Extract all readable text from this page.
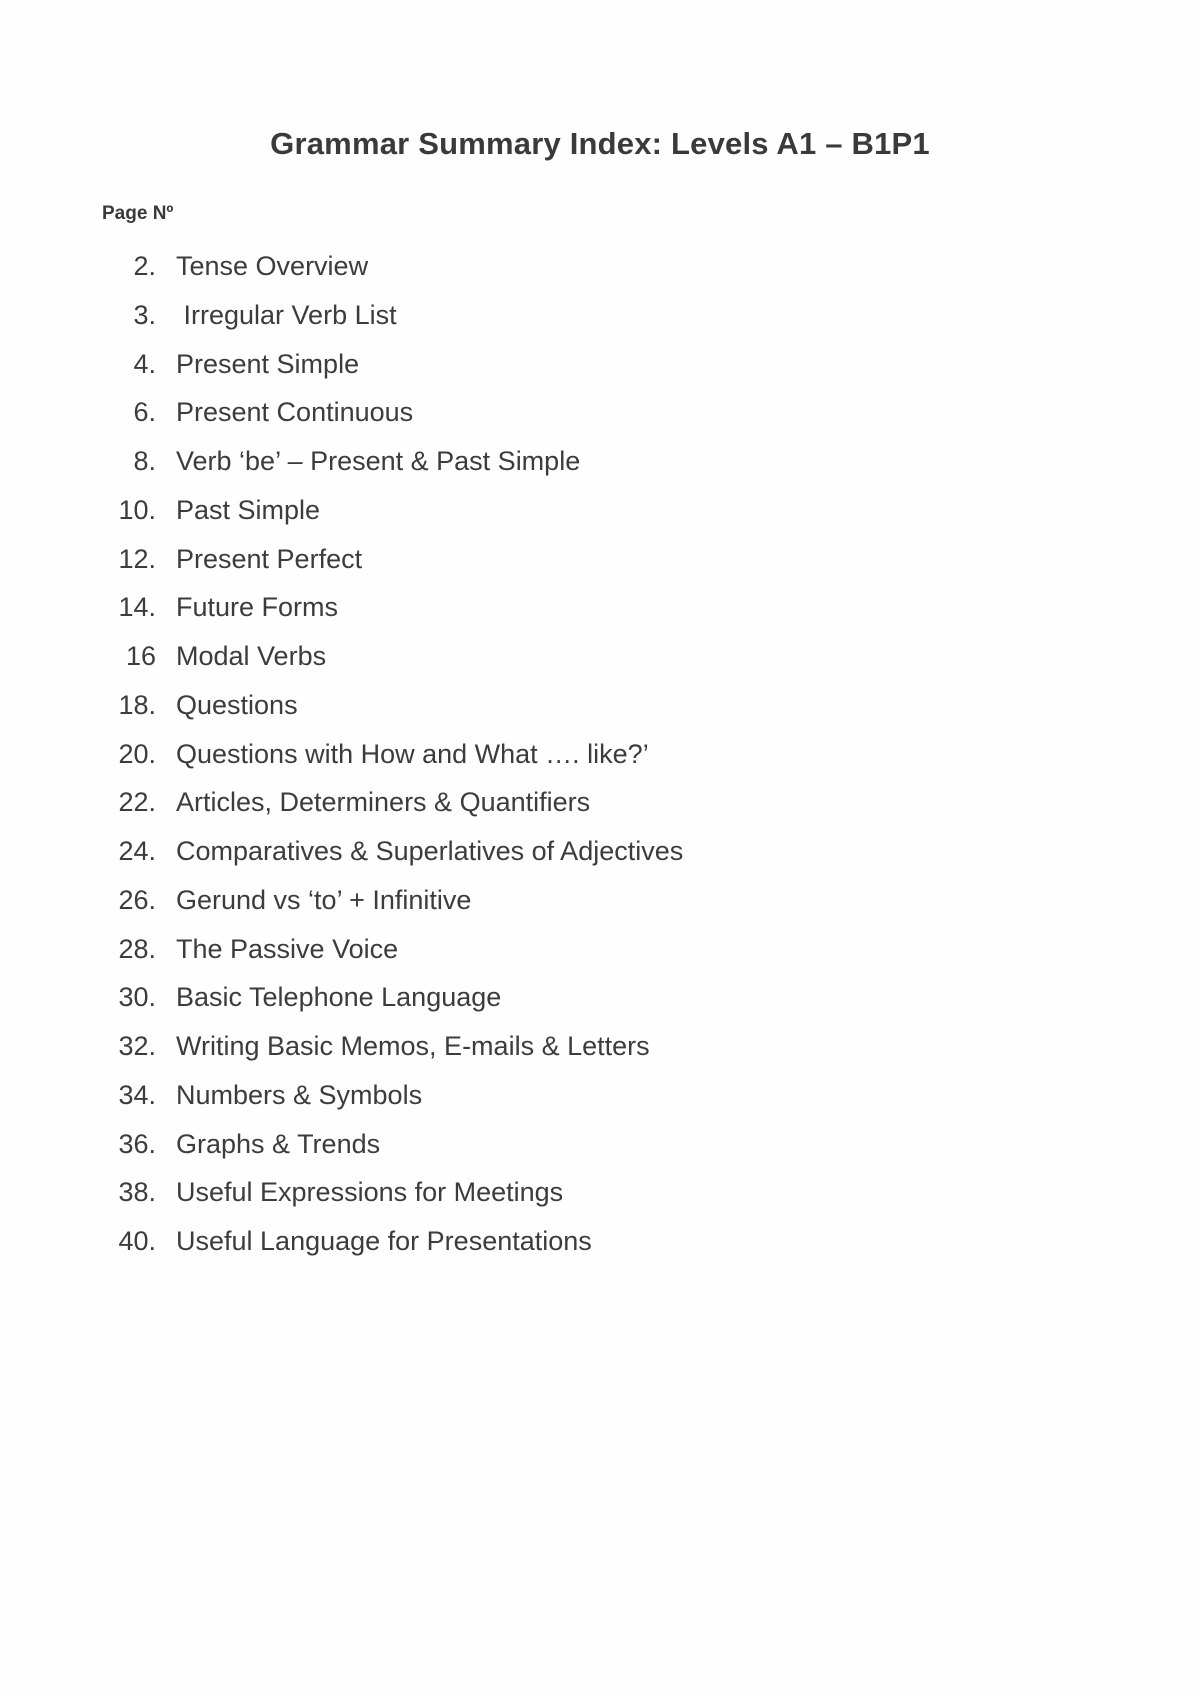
Grammar Summary Index: Levels A1 – B1P1
Page Nº
2. Tense Overview
3. Irregular Verb List
4. Present Simple
6. Present Continuous
8. Verb ‘be’ – Present & Past Simple
10. Past Simple
12. Present Perfect
14. Future Forms
16 Modal Verbs
18. Questions
20. Questions with How and What …. like?’
22. Articles, Determiners & Quantifiers
24. Comparatives & Superlatives of Adjectives
26. Gerund vs ‘to’ + Infinitive
28. The Passive Voice
30. Basic Telephone Language
32. Writing Basic Memos, E-mails & Letters
34. Numbers & Symbols
36. Graphs & Trends
38. Useful Expressions for Meetings
40. Useful Language for Presentations
